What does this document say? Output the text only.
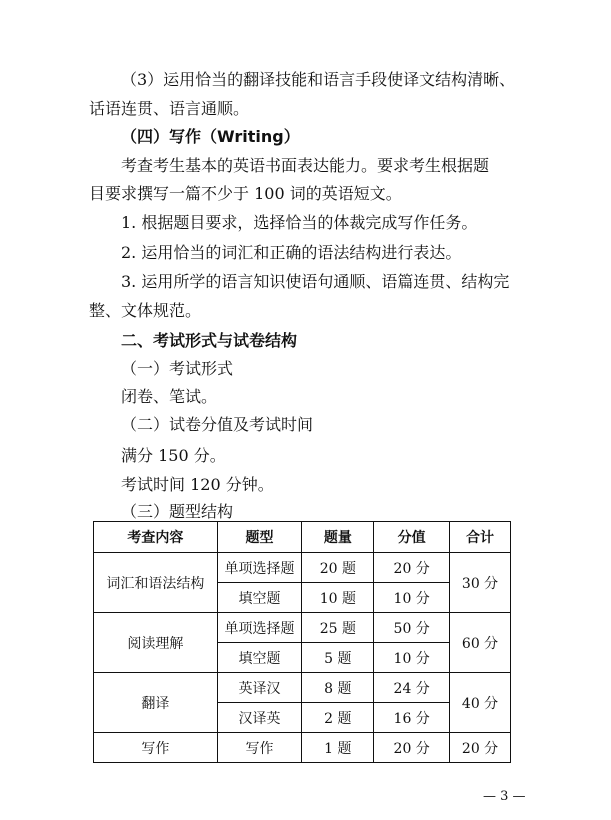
（3）运用恰当的翻译技能和语言手段使译文结构清晰、
话语连贯、语言通顺。
（四）写作（Writing）
考查考生基本的英语书面表达能力。要求考生根据题
目要求撰写一篇不少于 100 词的英语短文。
1. 根据题目要求，选择恰当的体裁完成写作任务。
2. 运用恰当的词汇和正确的语法结构进行表达。
3. 运用所学的语言知识使语句通顺、语篇连贯、结构完
整、文体规范。
二、考试形式与试卷结构
（一）考试形式
闭卷、笔试。
（二）试卷分值及考试时间
满分 150 分。
考试时间 120 分钟。
（三）题型结构
考查内容	题型	题量	分值	合计
词汇和语法结构	单项选择题	20 题	20 分	30 分
	填空题	10 题	10 分	
阅读理解	单项选择题	25 题	50 分	60 分
	填空题	5 题	10 分	
翻译	英译汉	8 题	24 分	40 分
	汉译英	2 题	16 分	
写作	写作	1 题	20 分	20 分
— 3 —
